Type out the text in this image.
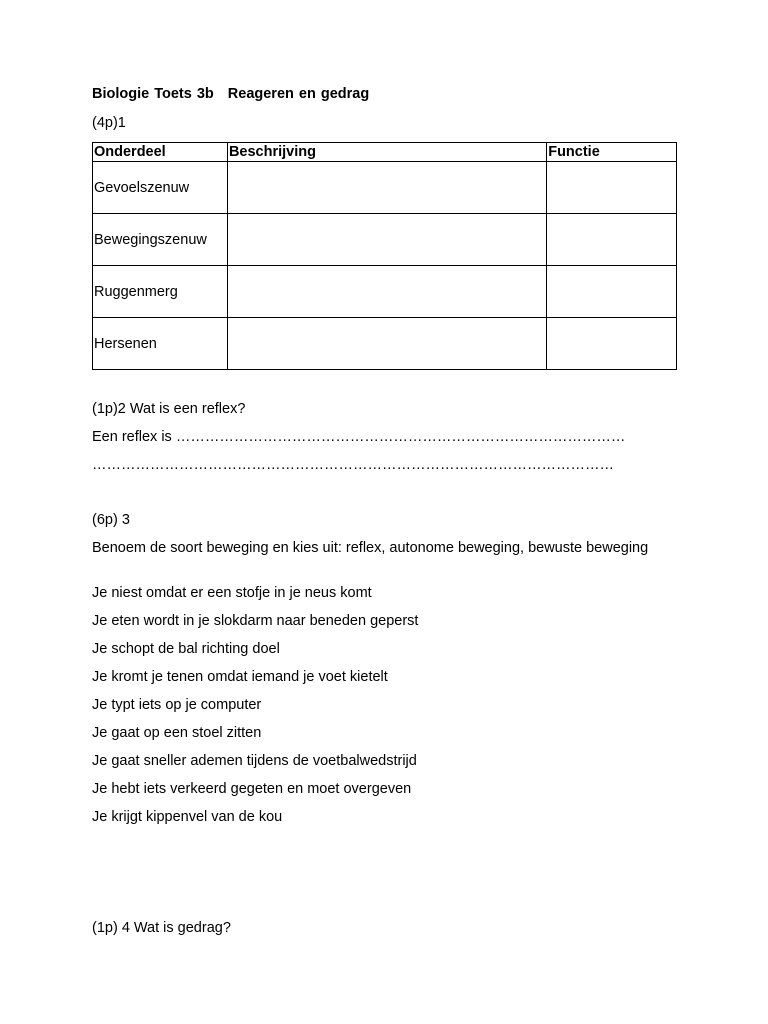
Biologie Toets 3b Reageren en gedrag
(4p)1
Onderdeel	Beschrijving	Functie
Gevoelszenuw		
Bewegingszenuw		
Ruggenmerg		
Hersenen		
(1p)2 Wat is een reflex?
Een reflex is …………………………………………………………………………………
………………………………………………………………………………………………
(6p) 3
Benoem de soort beweging en kies uit: reflex, autonome beweging, bewuste beweging
Je niest omdat er een stofje in je neus komt
Je eten wordt in je slokdarm naar beneden geperst
Je schopt de bal richting doel
Je kromt je tenen omdat iemand je voet kietelt
Je typt iets op je computer
Je gaat op een stoel zitten
Je gaat sneller ademen tijdens de voetbalwedstrijd
Je hebt iets verkeerd gegeten en moet overgeven
Je krijgt kippenvel van de kou
(1p) 4 Wat is gedrag?
